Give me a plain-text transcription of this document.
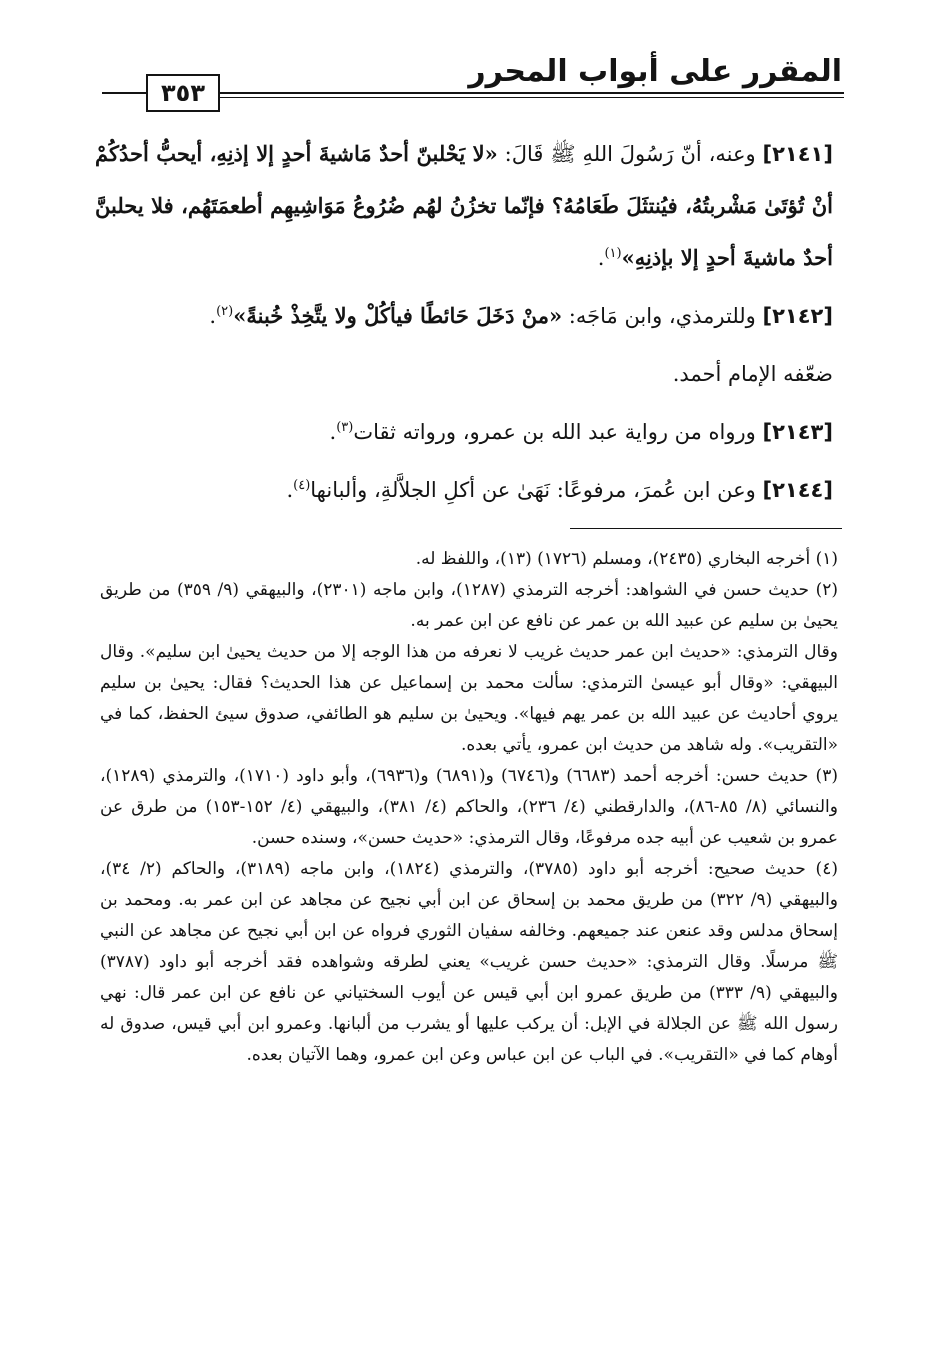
المقرر على أبواب المحرر
٣٥٣

[٢١٤١] وعنه، أنّ رَسُولَ اللهِ ﷺ قَالَ: «لا يَحْلبنّ أحدٌ مَاشيةَ أحدٍ إلا إذنِهِ، أيحبُّ أحدُكُمْ أنْ تُؤتَىٰ مَشْربتُهُ، فيُنتثَلَ طَعَامُهُ؟ فإنّما تخزُنُ لهُم ضُرُوعُ مَوَاشِيهِم أطعمَتَهُم، فلا يحلبنَّ أحدٌ ماشيةَ أحدٍ إلا بإذنِهِ»$^{(١)}$.

[٢١٤٢] وللترمذي، وابن مَاجَه: «منْ دَخَلَ حَائطًا فيأكُلْ ولا يتَّخِذْ خُبنةً»$^{(٢)}$.

ضعّفه الإمام أحمد.

[٢١٤٣] ورواه من رواية عبد الله بن عمرو، ورواته ثقات$^{(٣)}$.

[٢١٤٤] وعن ابن عُمرَ، مرفوعًا: نَهَىٰ عن أكلِ الجلاَّلةِ، وألبانها$^{(٤)}$.

(١) أخرجه البخاري (٢٤٣٥)، ومسلم (١٧٢٦) (١٣)، واللفظ له.

(٢) حديث حسن في الشواهد: أخرجه الترمذي (١٢٨٧)، وابن ماجه (٢٣٠١)، والبيهقي (٩/ ٣٥٩) من طريق يحيىٰ بن سليم عن عبيد الله بن عمر عن نافع عن ابن عمر به.

وقال الترمذي: «حديث ابن عمر حديث غريب لا نعرفه من هذا الوجه إلا من حديث يحيىٰ ابن سليم». وقال البيهقي: «وقال أبو عيسىٰ الترمذي: سألت محمد بن إسماعيل عن هذا الحديث؟ فقال: يحيىٰ بن سليم يروي أحاديث عن عبيد الله بن عمر يهم فيها». ويحيىٰ بن سليم هو الطائفي، صدوق سيئ الحفظ، كما في «التقريب». وله شاهد من حديث ابن عمرو، يأتي بعده.

(٣) حديث حسن: أخرجه أحمد (٦٦٨٣) و(٦٧٤٦) و(٦٨٩١) و(٦٩٣٦)، وأبو داود (١٧١٠)، والترمذي (١٢٨٩)، والنسائي (٨/ ٨٥-٨٦)، والدارقطني (٤/ ٢٣٦)، والحاكم (٤/ ٣٨١)، والبيهقي (٤/ ١٥٢-١٥٣) من طرق عن عمرو بن شعيب عن أبيه جده مرفوعًا، وقال الترمذي: «حديث حسن»، وسنده حسن.

(٤) حديث صحيح: أخرجه أبو داود (٣٧٨٥)، والترمذي (١٨٢٤)، وابن ماجه (٣١٨٩)، والحاكم (٢/ ٣٤)، والبيهقي (٩/ ٣٢٢) من طريق محمد بن إسحاق عن ابن أبي نجيح عن مجاهد عن ابن عمر به. ومحمد بن إسحاق مدلس وقد عنعن عند جميعهم. وخالفه سفيان الثوري فرواه عن ابن أبي نجيح عن مجاهد عن النبي ﷺ مرسلًا. وقال الترمذي: «حديث حسن غريب» يعني لطرقه وشواهده فقد أخرجه أبو داود (٣٧٨٧) والبيهقي (٩/ ٣٣٣) من طريق عمرو ابن أبي قيس عن أيوب السختياني عن نافع عن ابن عمر قال: نهي رسول الله ﷺ عن الجلالة في الإبل: أن يركب عليها أو يشرب من ألبانها. وعمرو ابن أبي قيس، صدوق له أوهام كما في «التقريب». في الباب عن ابن عباس وعن ابن عمرو، وهما الآتيان بعده.
